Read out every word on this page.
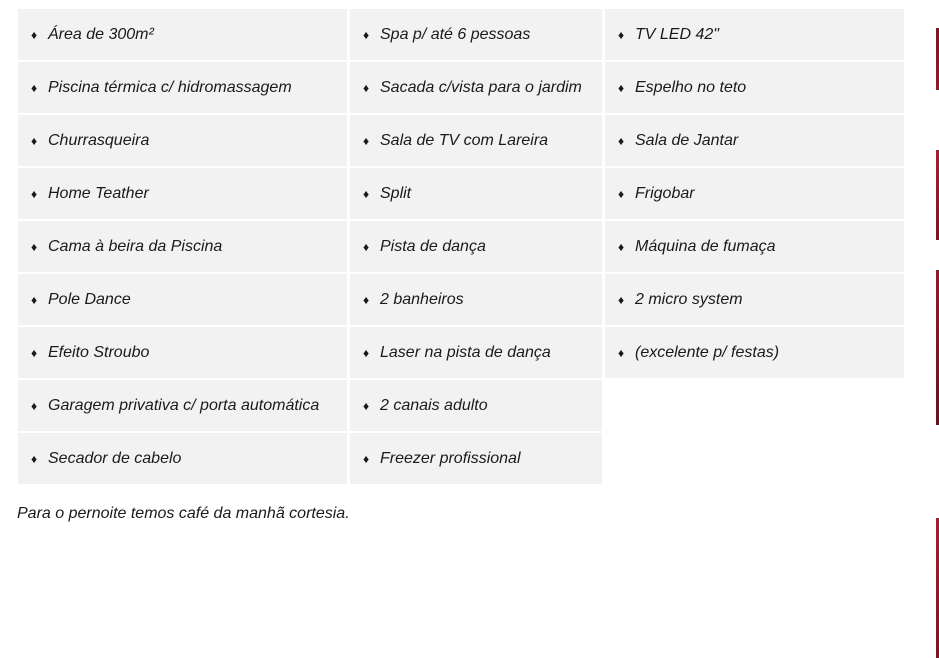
♦ Área de 300m²	♦ Spa p/ até 6 pessoas	♦ TV LED 42"
♦ Piscina térmica c/ hidromassagem	♦ Sacada c/vista para o jardim	♦ Espelho no teto
♦ Churrasqueira	♦ Sala de TV com Lareira	♦ Sala de Jantar
♦ Home Teather	♦ Split	♦ Frigobar
♦ Cama à beira da Piscina	♦ Pista de dança	♦ Máquina de fumaça
♦ Pole Dance	♦ 2 banheiros	♦ 2 micro system
♦ Efeito Stroubo	♦ Laser na pista de dança	♦ (excelente p/ festas)
♦ Garagem privativa c/ porta automática	♦ 2 canais adulto
♦ Secador de cabelo	♦ Freezer profissional
Para o pernoite temos café da manhã cortesia.
